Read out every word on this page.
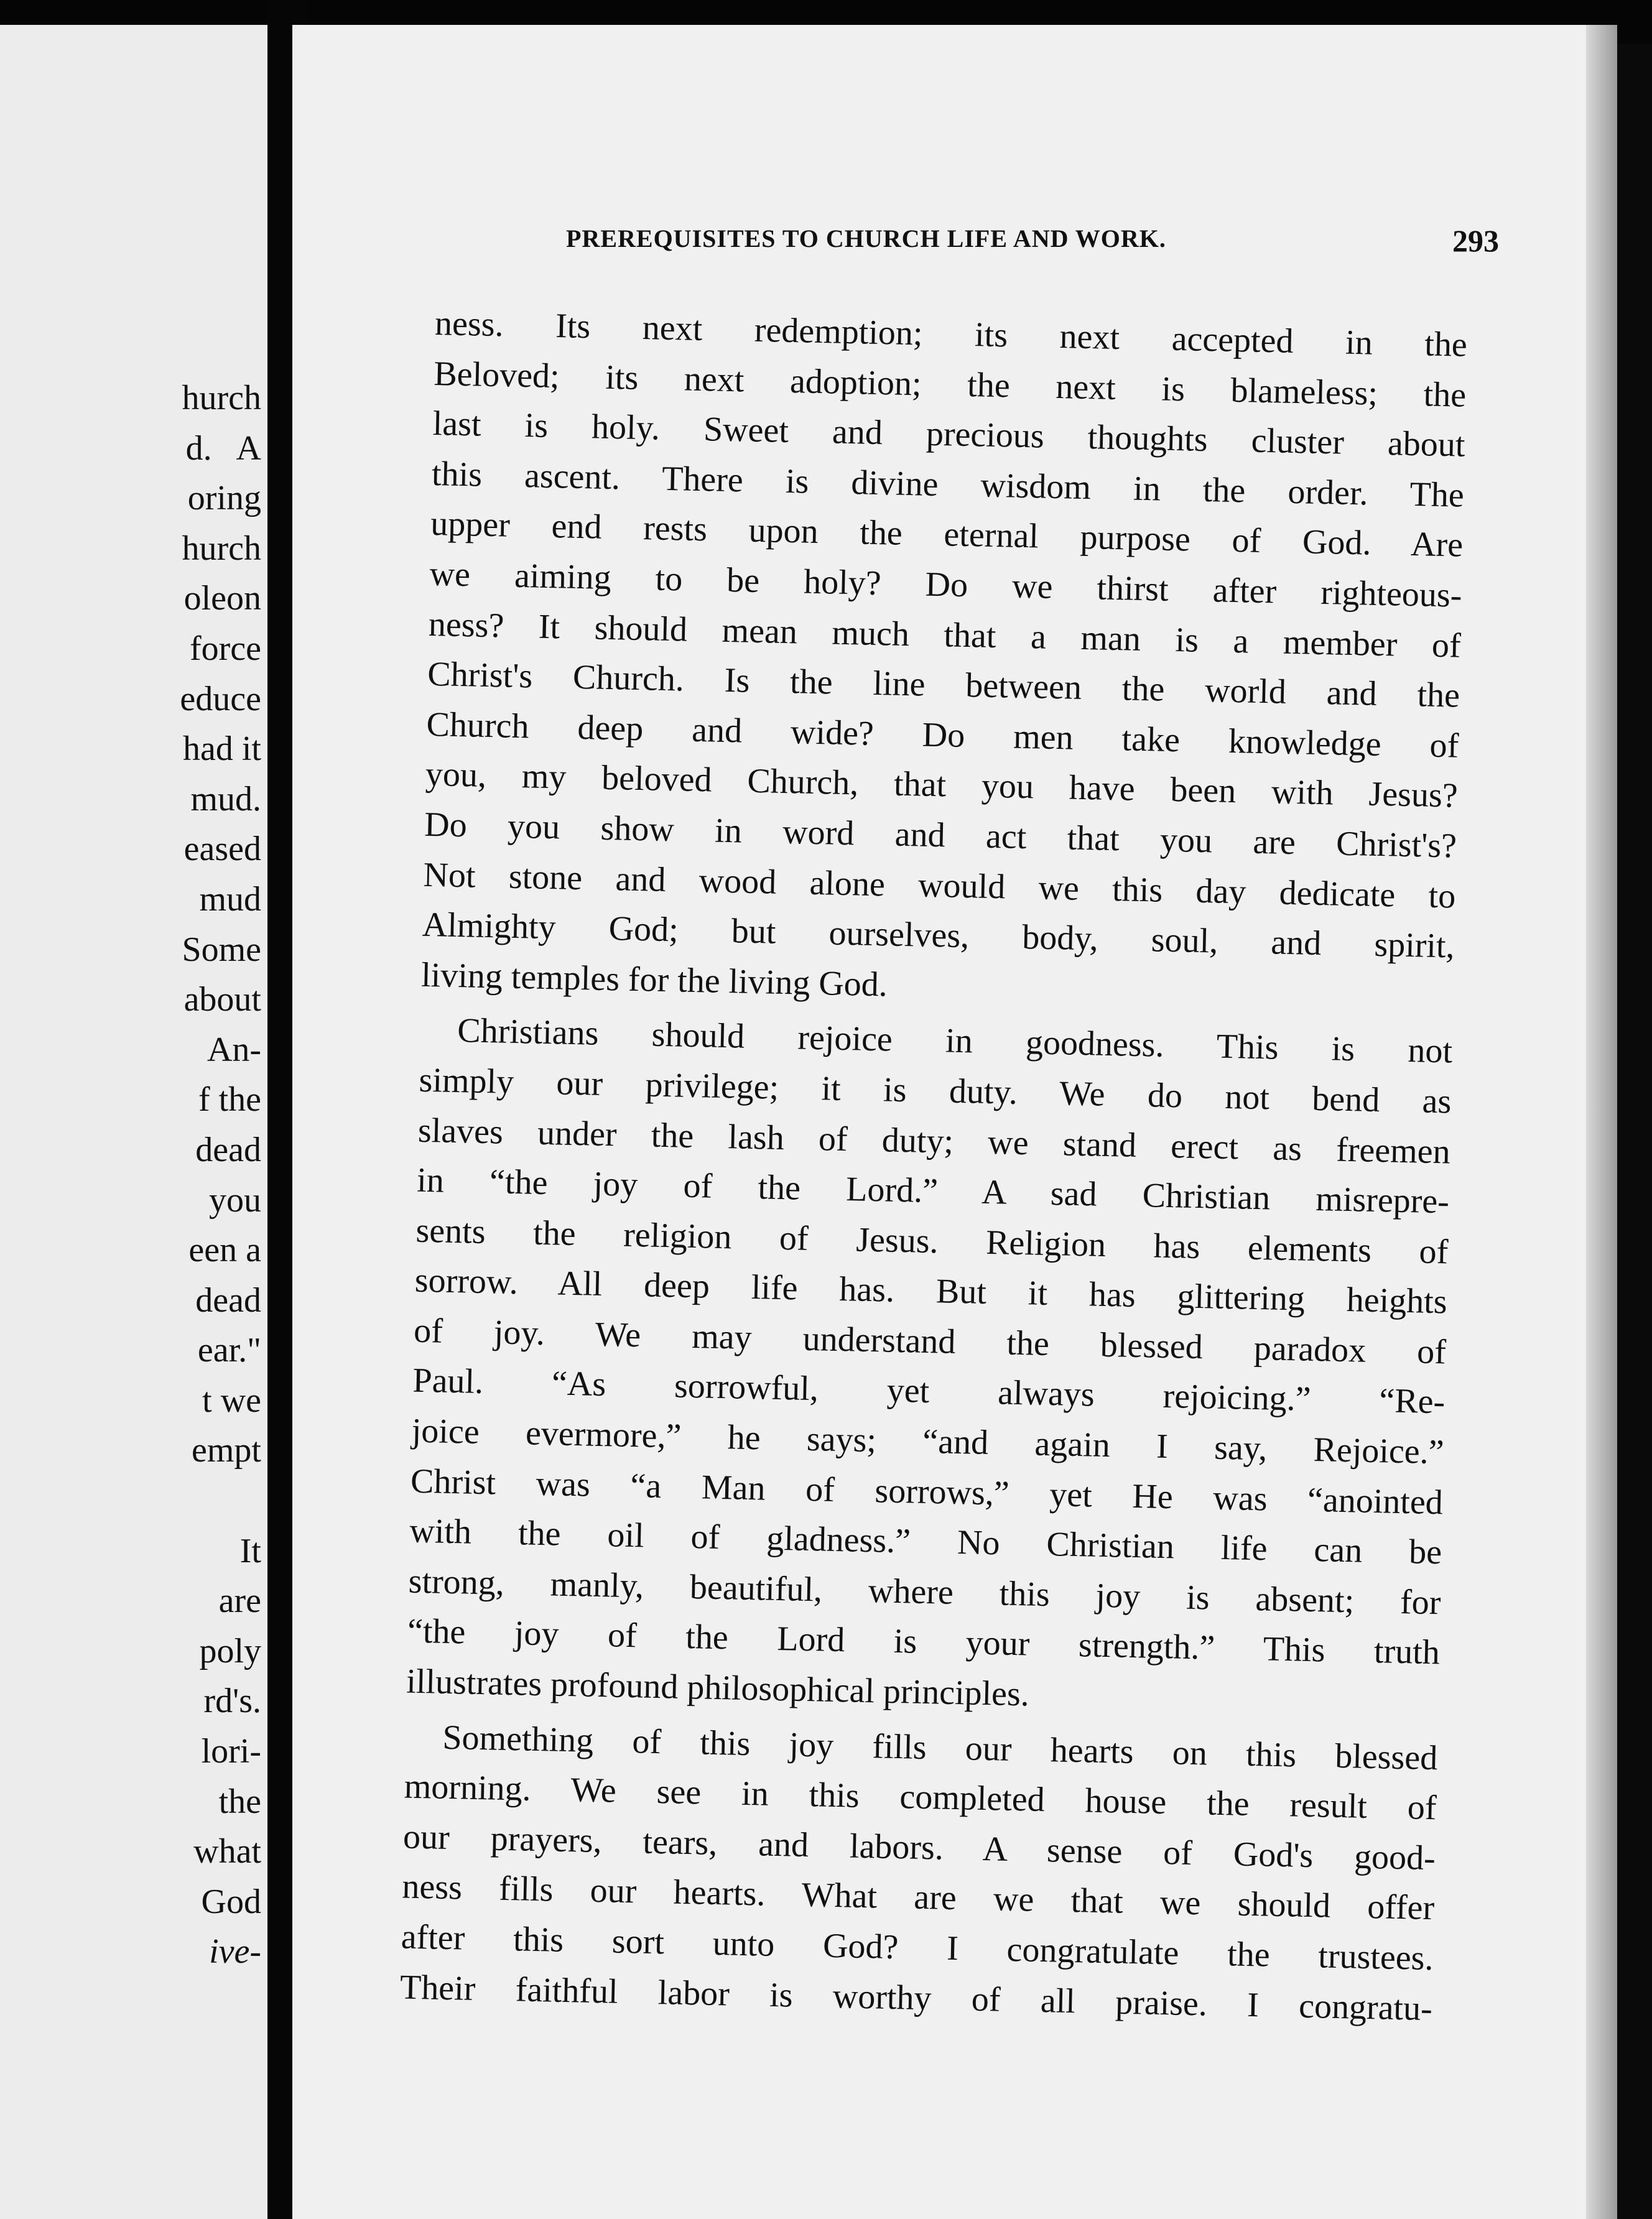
hurch
d.   A
oring
hurch
oleon
force
educe
had it
mud.
eased
mud
Some
about
An-
f the
dead
you
een a
dead
ear."
t we
empt
It
are
poly
rd's.
lori-
the
what
God
ive-
PREREQUISITES TO CHURCH LIFE AND WORK.	293
ness. Its next redemption; its next accepted in the
Beloved; its next adoption; the next is blameless; the
last is holy. Sweet and precious thoughts cluster about
this ascent. There is divine wisdom in the order. The
upper end rests upon the eternal purpose of God. Are
we aiming to be holy? Do we thirst after righteous-
ness? It should mean much that a man is a member of
Christ's Church. Is the line between the world and the
Church deep and wide? Do men take knowledge of
you, my beloved Church, that you have been with Jesus?
Do you show in word and act that you are Christ's?
Not stone and wood alone would we this day dedicate to
Almighty God; but ourselves, body, soul, and spirit,
living temples for the living God.
Christians should rejoice in goodness. This is not
simply our privilege; it is duty. We do not bend as
slaves under the lash of duty; we stand erect as freemen
in “the joy of the Lord.” A sad Christian misrepre-
sents the religion of Jesus. Religion has elements of
sorrow. All deep life has. But it has glittering heights
of joy. We may understand the blessed paradox of
Paul. “As sorrowful, yet always rejoicing.” “Re-
joice evermore,” he says; “and again I say, Rejoice.”
Christ was “a Man of sorrows,” yet He was “anointed
with the oil of gladness.” No Christian life can be
strong, manly, beautiful, where this joy is absent; for
“the joy of the Lord is your strength.” This truth
illustrates profound philosophical principles.
Something of this joy fills our hearts on this blessed
morning. We see in this completed house the result of
our prayers, tears, and labors. A sense of God's good-
ness fills our hearts. What are we that we should offer
after this sort unto God? I congratulate the trustees.
Their faithful labor is worthy of all praise. I congratu-
